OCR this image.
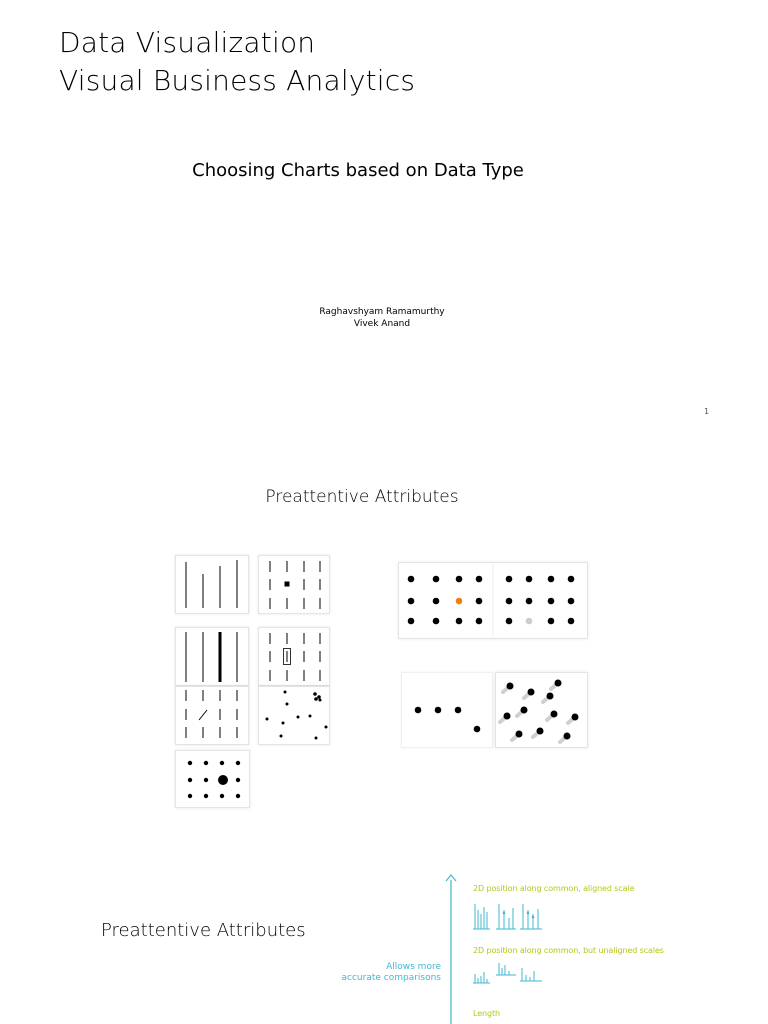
Data Visualization
Visual Business Analytics
Choosing Charts based on Data Type
Raghavshyam Ramamurthy
Vivek Anand
1
Preattentive Attributes
Preattentive Attributes
Allows more
accurate comparisons
2D position along common, aligned scale
2D position along common, but unaligned scales
Length
